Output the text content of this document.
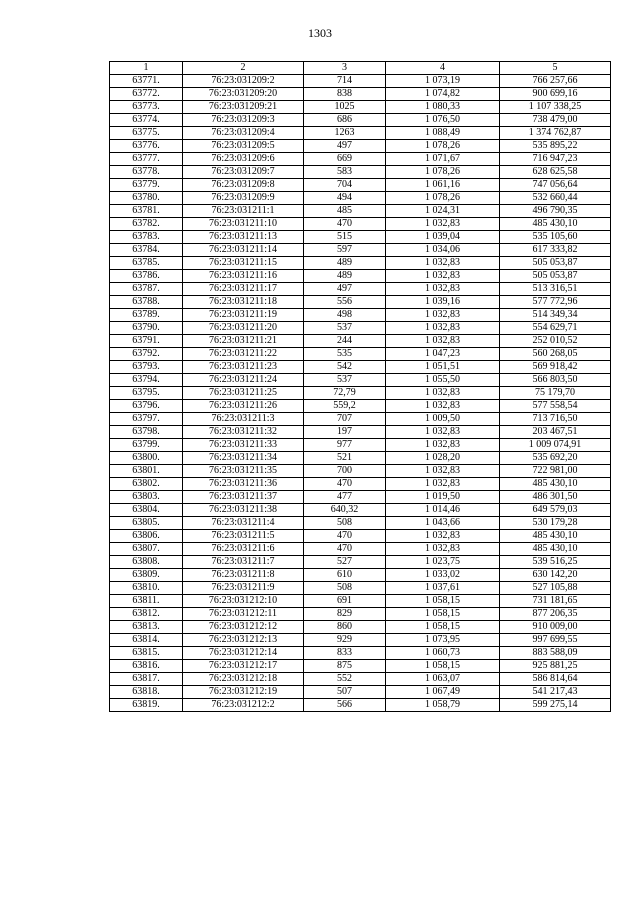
1303
1	2	3	4	5
63771.	76:23:031209:2	714	1 073,19	766 257,66
63772.	76:23:031209:20	838	1 074,82	900 699,16
63773.	76:23:031209:21	1025	1 080,33	1 107 338,25
63774.	76:23:031209:3	686	1 076,50	738 479,00
63775.	76:23:031209:4	1263	1 088,49	1 374 762,87
63776.	76:23:031209:5	497	1 078,26	535 895,22
63777.	76:23:031209:6	669	1 071,67	716 947,23
63778.	76:23:031209:7	583	1 078,26	628 625,58
63779.	76:23:031209:8	704	1 061,16	747 056,64
63780.	76:23:031209:9	494	1 078,26	532 660,44
63781.	76:23:031211:1	485	1 024,31	496 790,35
63782.	76:23:031211:10	470	1 032,83	485 430,10
63783.	76:23:031211:13	515	1 039,04	535 105,60
63784.	76:23:031211:14	597	1 034,06	617 333,82
63785.	76:23:031211:15	489	1 032,83	505 053,87
63786.	76:23:031211:16	489	1 032,83	505 053,87
63787.	76:23:031211:17	497	1 032,83	513 316,51
63788.	76:23:031211:18	556	1 039,16	577 772,96
63789.	76:23:031211:19	498	1 032,83	514 349,34
63790.	76:23:031211:20	537	1 032,83	554 629,71
63791.	76:23:031211:21	244	1 032,83	252 010,52
63792.	76:23:031211:22	535	1 047,23	560 268,05
63793.	76:23:031211:23	542	1 051,51	569 918,42
63794.	76:23:031211:24	537	1 055,50	566 803,50
63795.	76:23:031211:25	72,79	1 032,83	75 179,70
63796.	76:23:031211:26	559,2	1 032,83	577 558,54
63797.	76:23:031211:3	707	1 009,50	713 716,50
63798.	76:23:031211:32	197	1 032,83	203 467,51
63799.	76:23:031211:33	977	1 032,83	1 009 074,91
63800.	76:23:031211:34	521	1 028,20	535 692,20
63801.	76:23:031211:35	700	1 032,83	722 981,00
63802.	76:23:031211:36	470	1 032,83	485 430,10
63803.	76:23:031211:37	477	1 019,50	486 301,50
63804.	76:23:031211:38	640,32	1 014,46	649 579,03
63805.	76:23:031211:4	508	1 043,66	530 179,28
63806.	76:23:031211:5	470	1 032,83	485 430,10
63807.	76:23:031211:6	470	1 032,83	485 430,10
63808.	76:23:031211:7	527	1 023,75	539 516,25
63809.	76:23:031211:8	610	1 033,02	630 142,20
63810.	76:23:031211:9	508	1 037,61	527 105,88
63811.	76:23:031212:10	691	1 058,15	731 181,65
63812.	76:23:031212:11	829	1 058,15	877 206,35
63813.	76:23:031212:12	860	1 058,15	910 009,00
63814.	76:23:031212:13	929	1 073,95	997 699,55
63815.	76:23:031212:14	833	1 060,73	883 588,09
63816.	76:23:031212:17	875	1 058,15	925 881,25
63817.	76:23:031212:18	552	1 063,07	586 814,64
63818.	76:23:031212:19	507	1 067,49	541 217,43
63819.	76:23:031212:2	566	1 058,79	599 275,14
